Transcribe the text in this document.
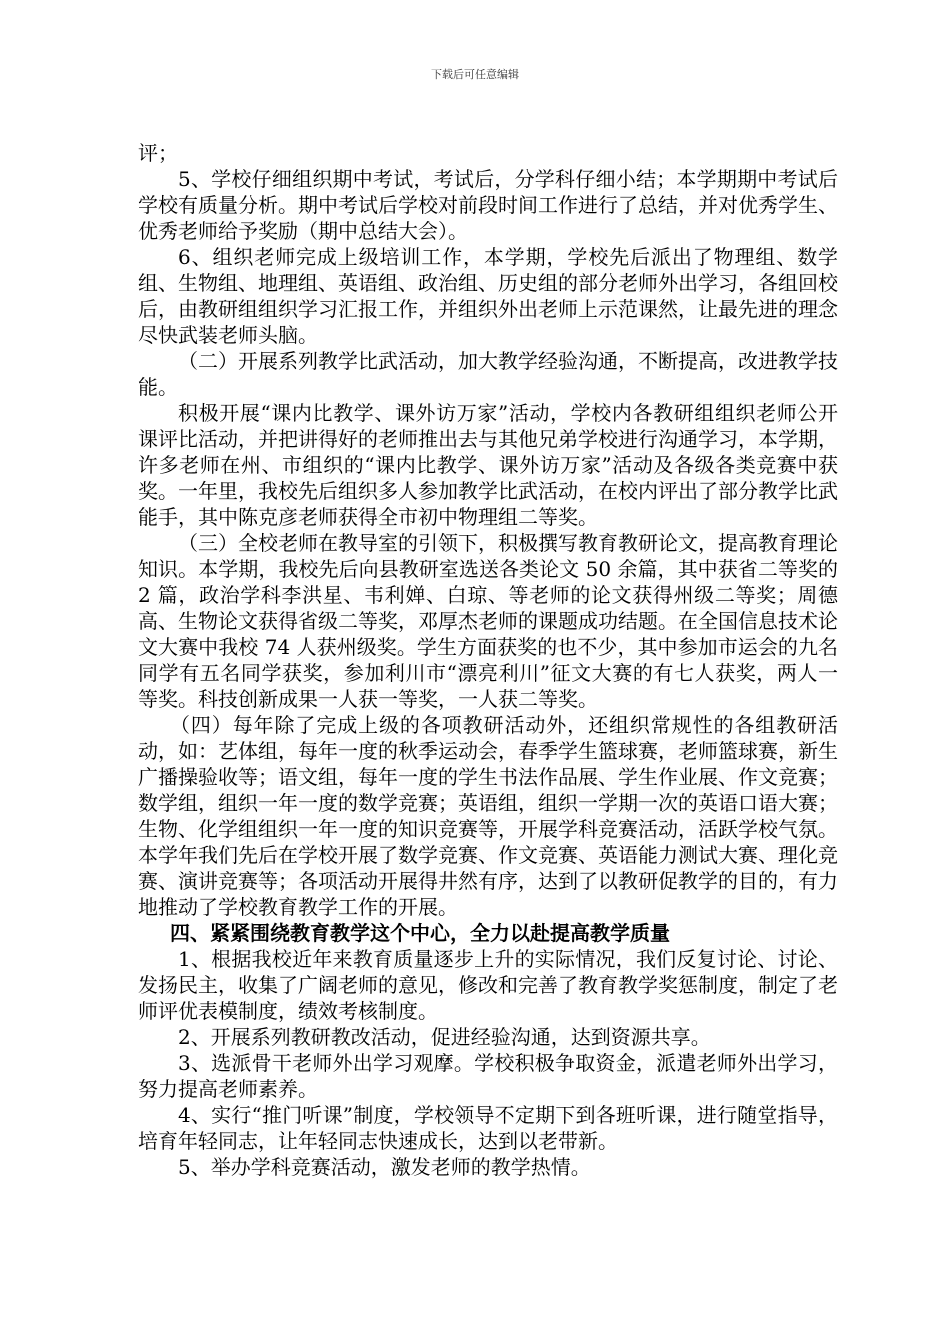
下载后可任意编辑

评；

5、学校仔细组织期中考试，考试后，分学科仔细小结；本学期期中考试后学校有质量分析。期中考试后学校对前段时间工作进行了总结，并对优秀学生、优秀老师给予奖励（期中总结大会）。

6、组织老师完成上级培训工作，本学期，学校先后派出了物理组、数学组、生物组、地理组、英语组、政治组、历史组的部分老师外出学习，各组回校后，由教研组组织学习汇报工作，并组织外出老师上示范课然，让最先进的理念尽快武装老师头脑。

（二）开展系列教学比武活动，加大教学经验沟通，不断提高，改进教学技能。

积极开展“课内比教学、课外访万家”活动，学校内各教研组组织老师公开课评比活动，并把讲得好的老师推出去与其他兄弟学校进行沟通学习，本学期，许多老师在州、市组织的“课内比教学、课外访万家”活动及各级各类竞赛中获奖。一年里，我校先后组织多人参加教学比武活动，在校内评出了部分教学比武能手，其中陈克彦老师获得全市初中物理组二等奖。

（三）全校老师在教导室的引领下，积极撰写教育教研论文，提高教育理论知识。本学期，我校先后向县教研室选送各类论文 50 余篇，其中获省二等奖的 2 篇，政治学科李洪星、韦利婵、白琼、等老师的论文获得州级二等奖；周德高、生物论文获得省级二等奖，邓厚杰老师的课题成功结题。在全国信息技术论文大赛中我校 74 人获州级奖。学生方面获奖的也不少，其中参加市运会的九名同学有五名同学获奖，参加利川市“漂亮利川”征文大赛的有七人获奖，两人一等奖。科技创新成果一人获一等奖，一人获二等奖。

（四）每年除了完成上级的各项教研活动外，还组织常规性的各组教研活动，如：艺体组，每年一度的秋季运动会，春季学生篮球赛，老师篮球赛，新生广播操验收等；语文组，每年一度的学生书法作品展、学生作业展、作文竞赛；数学组，组织一年一度的数学竞赛；英语组，组织一学期一次的英语口语大赛；生物、化学组组织一年一度的知识竞赛等，开展学科竞赛活动，活跃学校气氛。本学年我们先后在学校开展了数学竞赛、作文竞赛、英语能力测试大赛、理化竞赛、演讲竞赛等；各项活动开展得井然有序，达到了以教研促教学的目的，有力地推动了学校教育教学工作的开展。

四、紧紧围绕教育教学这个中心，全力以赴提高教学质量

1、根据我校近年来教育质量逐步上升的实际情况，我们反复讨论、讨论、发扬民主，收集了广阔老师的意见，修改和完善了教育教学奖惩制度，制定了老师评优表模制度，绩效考核制度。

2、开展系列教研教改活动，促进经验沟通，达到资源共享。

3、选派骨干老师外出学习观摩。学校积极争取资金，派遣老师外出学习，努力提高老师素养。

4、实行“推门听课”制度，学校领导不定期下到各班听课，进行随堂指导，培育年轻同志，让年轻同志快速成长，达到以老带新。

5、举办学科竞赛活动，激发老师的教学热情。
